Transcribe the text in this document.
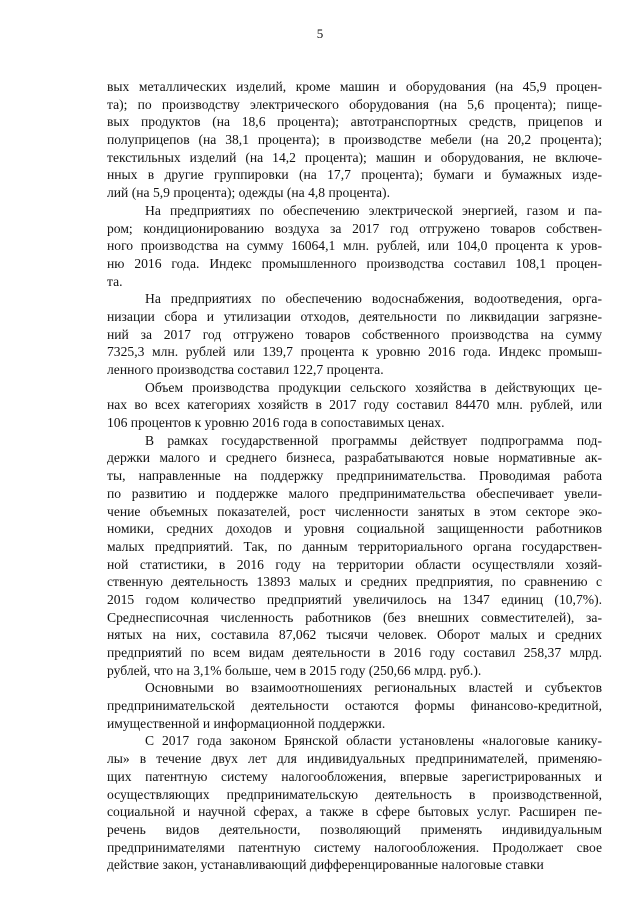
5
вых металлических изделий, кроме машин и оборудования (на 45,9 процен-
та); по производству электрического оборудования (на 5,6 процента); пище-
вых продуктов (на 18,6 процента); автотранспортных средств, прицепов и
полуприцепов (на 38,1 процента); в производстве мебели (на 20,2 процента);
текстильных изделий (на 14,2 процента); машин и оборудования, не включе-
нных в другие группировки (на 17,7 процента); бумаги и бумажных изде-
лий (на 5,9 процента); одежды (на 4,8 процента).
На предприятиях по обеспечению электрической энергией, газом и па-
ром; кондиционированию воздуха за 2017 год отгружено товаров собствен-
ного производства на сумму 16064,1 млн. рублей, или 104,0 процента к уров-
ню 2016 года. Индекс промышленного производства составил 108,1 процен-
та.
На предприятиях по обеспечению водоснабжения, водоотведения, орга-
низации сбора и утилизации отходов, деятельности по ликвидации загрязне-
ний за 2017 год отгружено товаров собственного производства на сумму
7325,3 млн. рублей или 139,7 процента к уровню 2016 года. Индекс промыш-
ленного производства составил 122,7 процента.
Объем производства продукции сельского хозяйства в действующих це-
нах во всех категориях хозяйств в 2017 году составил 84470 млн. рублей, или
106 процентов к уровню 2016 года в сопоставимых ценах.
В рамках государственной программы действует подпрограмма под-
держки малого и среднего бизнеса, разрабатываются новые нормативные ак-
ты, направленные на поддержку предпринимательства. Проводимая работа
по развитию и поддержке малого предпринимательства обеспечивает увели-
чение объемных показателей, рост численности занятых в этом секторе эко-
номики, средних доходов и уровня социальной защищенности работников
малых предприятий. Так, по данным территориального органа государствен-
ной статистики, в 2016 году на территории области осуществляли хозяй-
ственную деятельность 13893 малых и средних предприятия, по сравнению с
2015 годом количество предприятий увеличилось на 1347 единиц (10,7%).
Среднесписочная численность работников (без внешних совместителей), за-
нятых на них, составила 87,062 тысячи человек. Оборот малых и средних
предприятий по всем видам деятельности в 2016 году составил 258,37 млрд.
рублей, что на 3,1% больше, чем в 2015 году (250,66 млрд. руб.).
Основными во взаимоотношениях региональных властей и субъектов
предпринимательской деятельности остаются формы финансово-кредитной,
имущественной и информационной поддержки.
С 2017 года законом Брянской области установлены «налоговые канику-
лы» в течение двух лет для индивидуальных предпринимателей, применяю-
щих патентную систему налогообложения, впервые зарегистрированных и
осуществляющих предпринимательскую деятельность в производственной,
социальной и научной сферах, а также в сфере бытовых услуг. Расширен пе-
речень видов деятельности, позволяющий применять индивидуальным
предпринимателями патентную систему налогообложения. Продолжает свое
действие закон, устанавливающий дифференцированные налоговые ставки
